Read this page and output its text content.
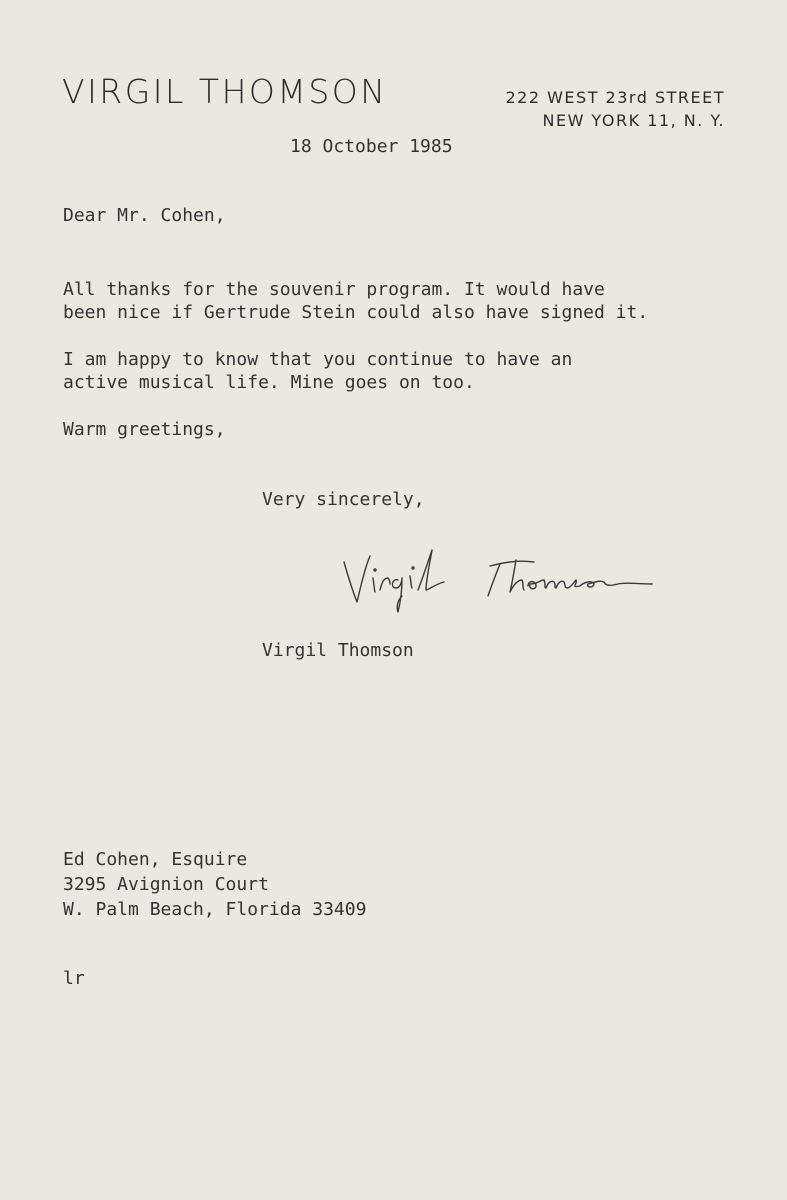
VIRGIL THOMSON	222 WEST 23rd STREET
NEW YORK 11, N. Y.
18 October 1985
Dear Mr. Cohen,
All thanks for the souvenir program. It would have
been nice if Gertrude Stein could also have signed it.
I am happy to know that you continue to have an
active musical life. Mine goes on too.
Warm greetings,
Very sincerely,
Virgil Thomson
Ed Cohen, Esquire
3295 Avignion Court
W. Palm Beach, Florida 33409
lr
